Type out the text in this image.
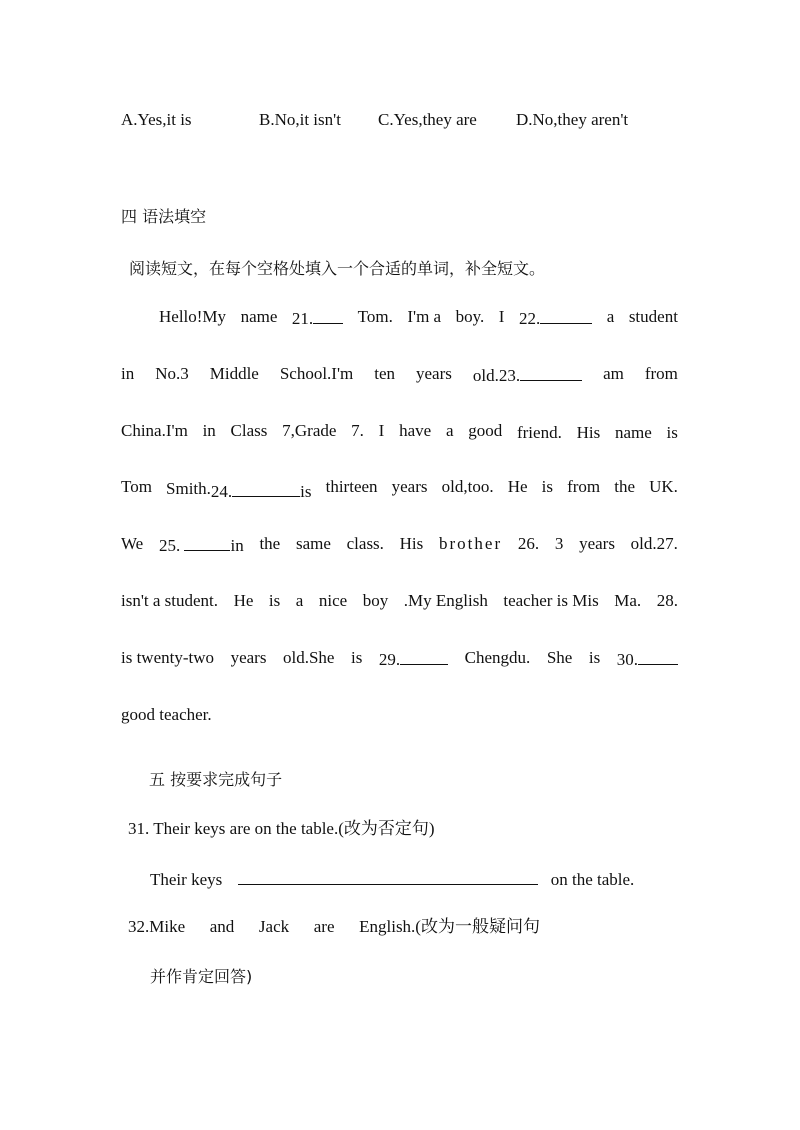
A.Yes,it is	B.No,it isn't C.Yes,they are D.No,they aren't
四 语法填空
阅读短文，在每个空格处填入一个合适的单词，补全短文。
Hello!My name 21.	Tom. I'm a boy. I 22.	a student
in No.3 Middle School.I'm ten years old.23.	am from
China.I'm in Class 7,Grade 7. I have a good friend. His name is
Tom Smith.24.	is thirteen years old,too. He is from the UK.
We 25.	in the same class. His brother 26. 3 years old.27.
isn't a student. He is a nice boy .My English teacher is Mis Ma. 28.
is twenty-two years old.She is 29.	Chengdu. She is 30.
good teacher.
五 按要求完成句子
31. Their keys are on the table.(改为否定句)
Their keys	on the table.
32.Mike and Jack are English.(改为一般疑问句
并作肯定回答)
